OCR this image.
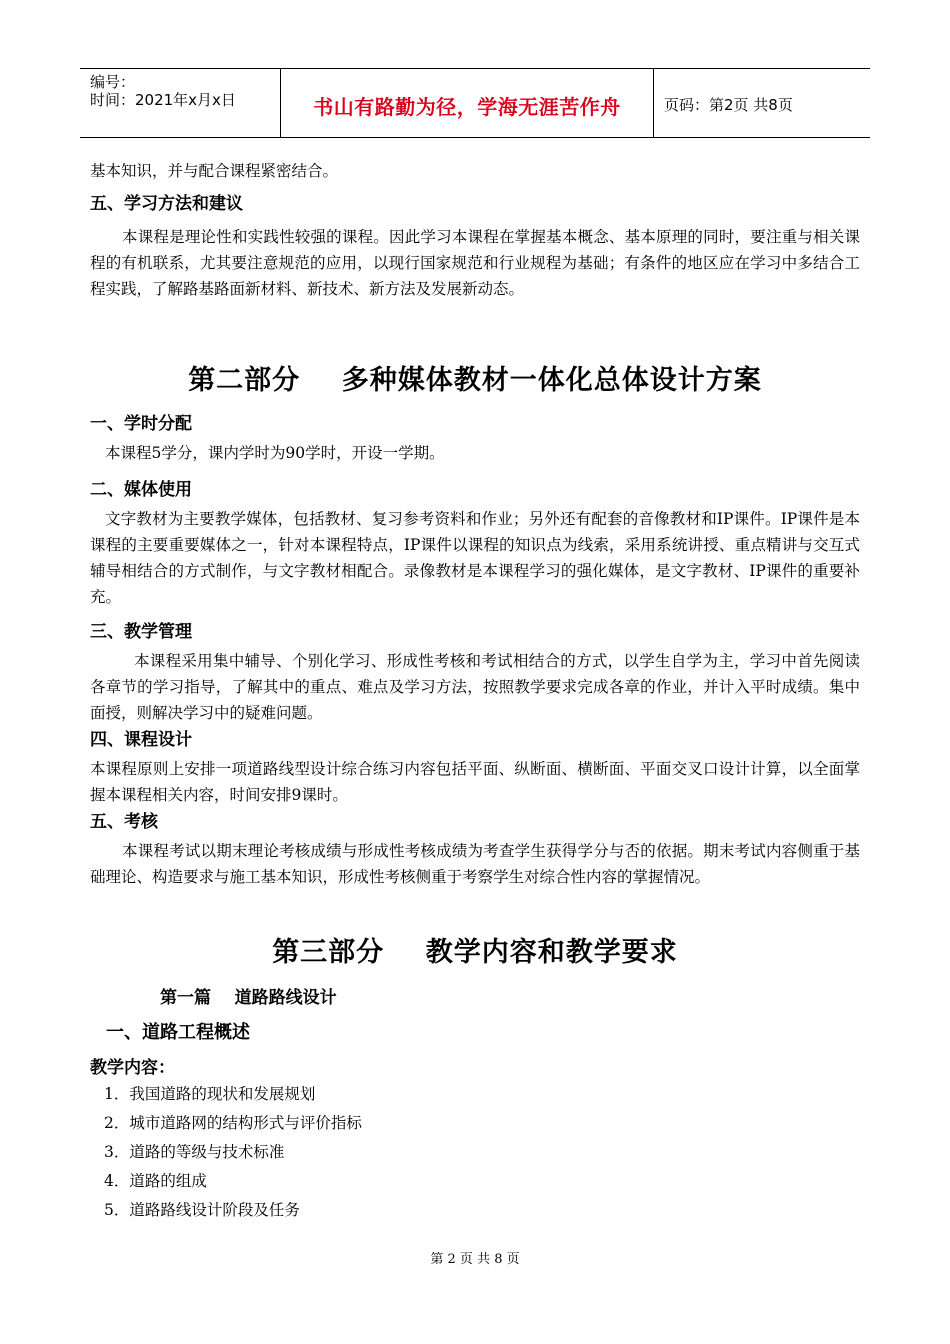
编号：
时间：2021年x月x日	书山有路勤为径，学海无涯苦作舟	页码：第2页 共8页

基本知识，并与配合课程紧密结合。

五、学习方法和建议

本课程是理论性和实践性较强的课程。因此学习本课程在掌握基本概念、基本原理的同时，要注重与相关课程的有机联系，尤其要注意规范的应用，以现行国家规范和行业规程为基础；有条件的地区应在学习中多结合工程实践，了解路基路面新材料、新技术、新方法及发展新动态。

第二部分    多种媒体教材一体化总体设计方案

一、学时分配

本课程5学分，课内学时为90学时，开设一学期。

二、媒体使用

文字教材为主要教学媒体，包括教材、复习参考资料和作业；另外还有配套的音像教材和IP课件。IP课件是本课程的主要重要媒体之一，针对本课程特点，IP课件以课程的知识点为线索，采用系统讲授、重点精讲与交互式辅导相结合的方式制作，与文字教材相配合。录像教材是本课程学习的强化媒体，是文字教材、IP课件的重要补充。

三、教学管理

本课程采用集中辅导、个别化学习、形成性考核和考试相结合的方式，以学生自学为主，学习中首先阅读各章节的学习指导，了解其中的重点、难点及学习方法，按照教学要求完成各章的作业，并计入平时成绩。集中面授，则解决学习中的疑难问题。

四、课程设计

本课程原则上安排一项道路线型设计综合练习内容包括平面、纵断面、横断面、平面交叉口设计计算，以全面掌握本课程相关内容，时间安排9课时。

五、考核

本课程考试以期末理论考核成绩与形成性考核成绩为考查学生获得学分与否的依据。期末考试内容侧重于基础理论、构造要求与施工基本知识，形成性考核侧重于考察学生对综合性内容的掌握情况。

第三部分    教学内容和教学要求

第一篇    道路路线设计

一、道路工程概述

教学内容：

1．我国道路的现状和发展规划

2．城市道路网的结构形式与评价指标

3．道路的等级与技术标准

4．道路的组成

5．道路路线设计阶段及任务

第 2 页 共 8 页
